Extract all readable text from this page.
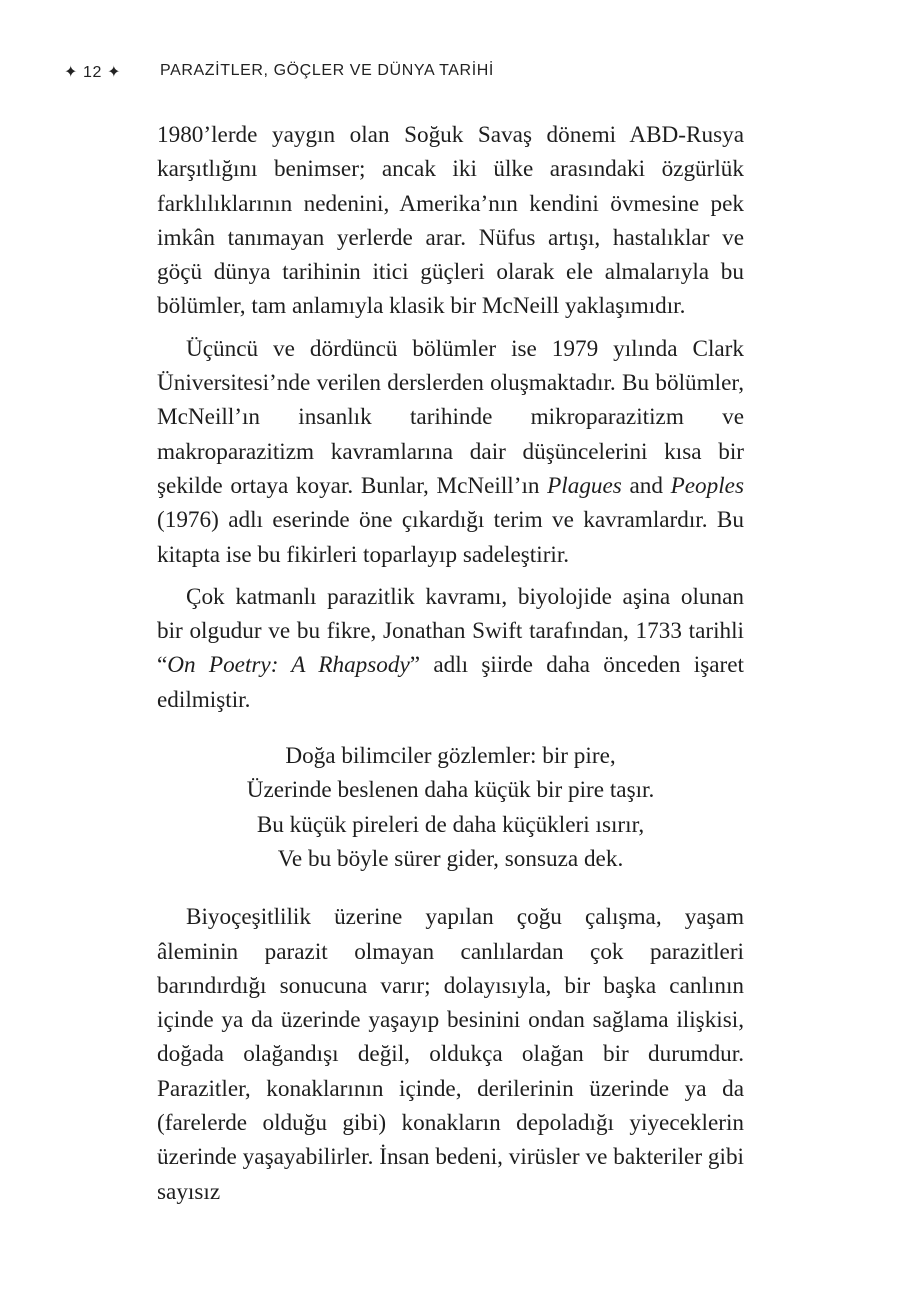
✦ 12 ✦ PARAZİTLER, GÖÇLER VE DÜNYA TARİHİ

1980’lerde yaygın olan Soğuk Savaş dönemi ABD-Rusya karşıtlığını benimser; ancak iki ülke arasındaki özgürlük farklılıklarının nedenini, Amerika’nın kendini övmesine pek imkân tanımayan yerlerde arar. Nüfus artışı, hastalıklar ve göçü dünya tarihinin itici güçleri olarak ele almalarıyla bu bölümler, tam anlamıyla klasik bir McNeill yaklaşımıdır.

Üçüncü ve dördüncü bölümler ise 1979 yılında Clark Üniversitesi’nde verilen derslerden oluşmaktadır. Bu bölümler, McNeill’ın insanlık tarihinde mikroparazitizm ve makroparazitizm kavramlarına dair düşüncelerini kısa bir şekilde ortaya koyar. Bunlar, McNeill’ın Plagues and Peoples (1976) adlı eserinde öne çıkardığı terim ve kavramlardır. Bu kitapta ise bu fikirleri toparlayıp sadeleştirir.

Çok katmanlı parazitlik kavramı, biyolojide aşina olunan bir olgudur ve bu fikre, Jonathan Swift tarafından, 1733 tarihli “On Poetry: A Rhapsody” adlı şiirde daha önceden işaret edilmiştir.

Doğa bilimciler gözlemler: bir pire,
Üzerinde beslenen daha küçük bir pire taşır.
Bu küçük pireleri de daha küçükleri ısırır,
Ve bu böyle sürer gider, sonsuza dek.

Biyoçeşitlilik üzerine yapılan çoğu çalışma, yaşam âleminin parazit olmayan canlılardan çok parazitleri barındırdığı sonucuna varır; dolayısıyla, bir başka canlının içinde ya da üzerinde yaşayıp besinini ondan sağlama ilişkisi, doğada olağandışı değil, oldukça olağan bir durumdur. Parazitler, konaklarının içinde, derilerinin üzerinde ya da (farelerde olduğu gibi) konakların depoladığı yiyeceklerin üzerinde yaşayabilirler. İnsan bedeni, virüsler ve bakteriler gibi sayısız
